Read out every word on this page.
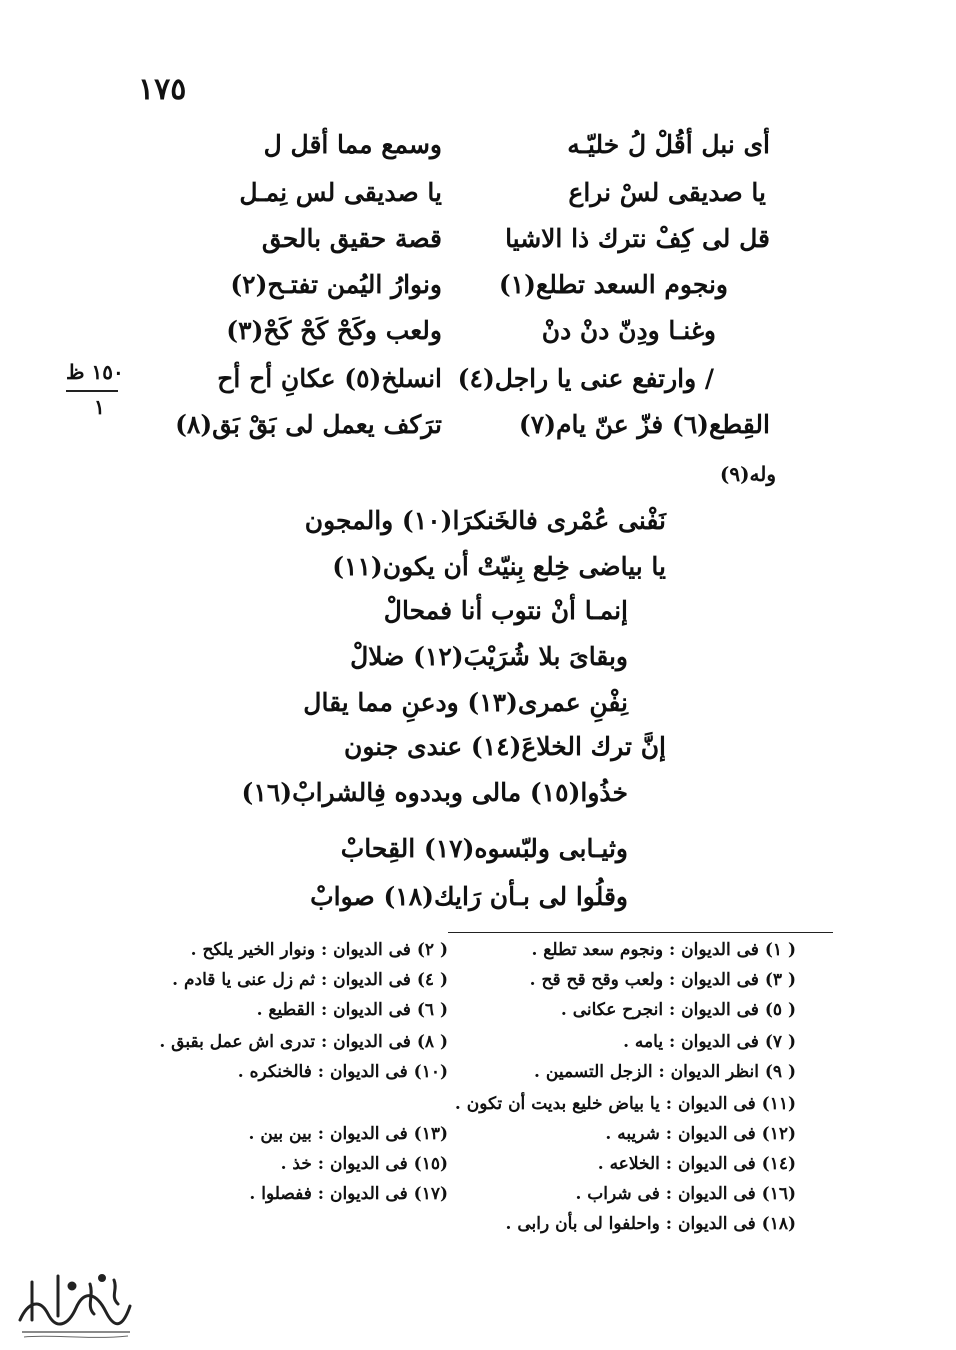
١٧٥
١٥٠ ظ
١
أى نبل أقُلْ لُ خليّـه
وسمع مما أقل ل
يا صديقى لسْ نراع
يا صديقى لس نِمـل
قل لى كِفْ نترك ذا الاشيا
قصة حقيق بالحق
ونجوم السعد تطلع(١)
ونوارُ اليُمن تفتـح(٢)
وغنـا ودِنّ دنْ دنْ
ولعب وكَحْ كَحْ كَحْ(٣)
/ وارتفع عنى يا راجل(٤)
انسلخ(٥) عكانِ أح أح
القِطع(٦) فزّ عنّ يام(٧)
ترَكف يعمل لى بَقْ بَق(٨)
وله(٩)
نَفْنى عُمْرى فالخَنكرَا(١٠) والمجون
يا بياضى خِلع بِنيّتْ أن يكون(١١)
إنمـا أنْ نتوب أنا فمحالْ
وبقاىَ بلا شُرَيْبَ(١٢) ضلالْ
نِفْنِ عمرى(١٣) ودعنِ مما يقال
إنَّ ترك الخلاعَ(١٤) عندى جنون
خذُوا(١٥) مالى وبددوه فِالشرابْ(١٦)
وثيـابى ولبّسوه(١٧) القِحابْ
وقلُوا لى بـأن رَايك(١٨) صوابْ
( ١) فى الديوان : ونجوم سعد تطلع .
( ٢) فى الديوان : ونوار الخير يلكح .
( ٣) فى الديوان : ولعب وقح قح قح .
( ٤) فى الديوان : ثم زل عنى يا قادم .
( ٥) فى الديوان : انجرح عكانى .
( ٦) فى الديوان : القطيع .
( ٧) فى الديوان : يامه .
( ٨) فى الديوان : تدرى اش عمل بقبق .
( ٩) انظر الديوان : الزجل التسمين .
(١٠) فى الديوان : فالخنكره .
(١١) فى الديوان : يا بياض خليع بديت أن تكون .
(١٢) فى الديوان : شريبه .
(١٣) فى الديوان : بين بين .
(١٤) فى الديوان : الخلاعه .
(١٥) فى الديوان : خذ .
(١٦) فى الديوان : فى شراب .
(١٧) فى الديوان : ففصلوا .
(١٨) فى الديوان : واحلفوا لى بأن رابى .
